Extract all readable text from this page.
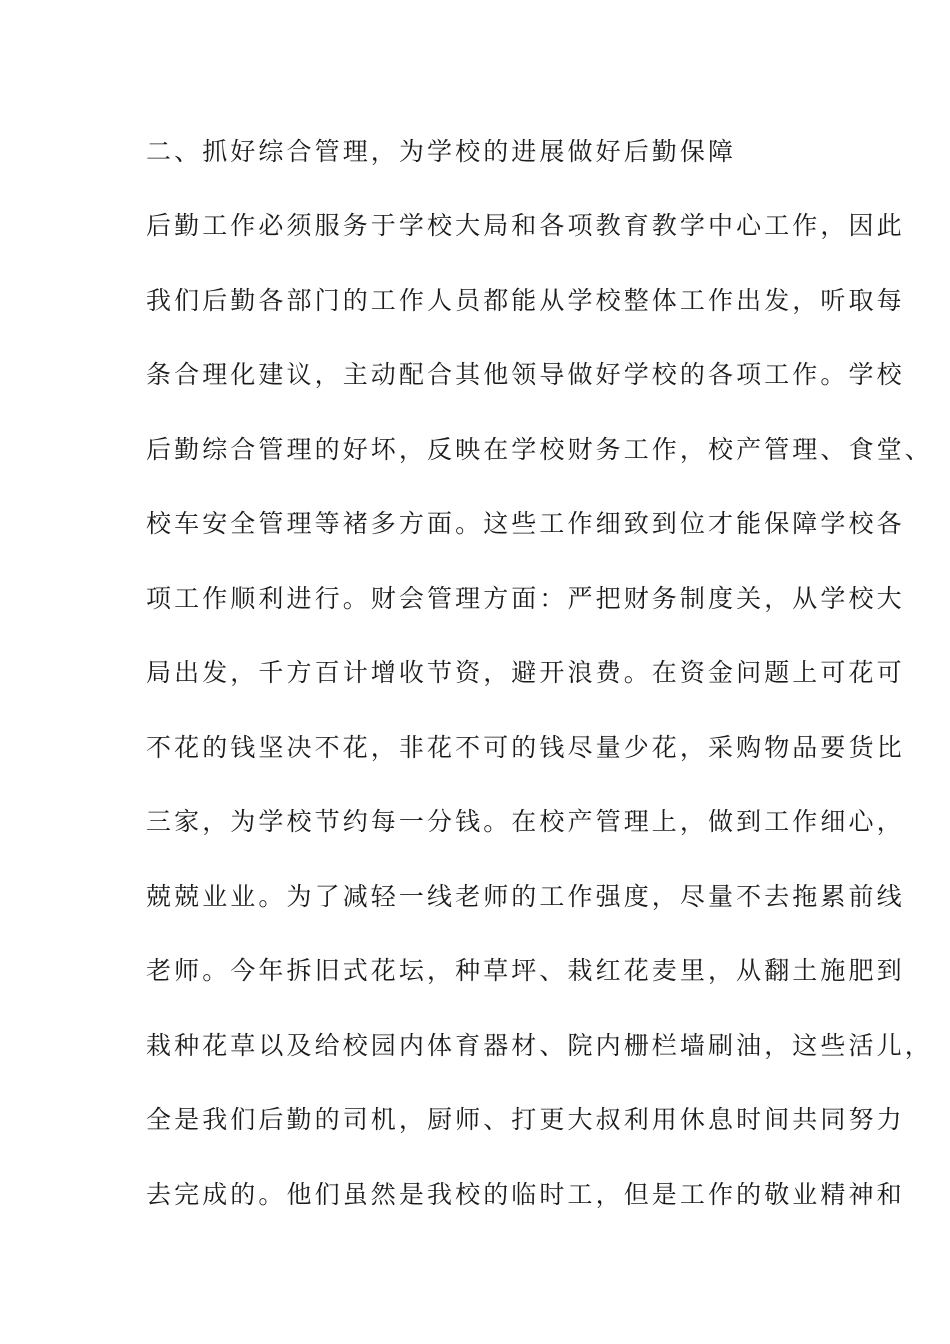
二、抓好综合管理，为学校的进展做好后勤保障

后勤工作必须服务于学校大局和各项教育教学中心工作，因此

我们后勤各部门的工作人员都能从学校整体工作出发，听取每

条合理化建议，主动配合其他领导做好学校的各项工作。学校

后勤综合管理的好坏，反映在学校财务工作，校产管理、食堂、

校车安全管理等褚多方面。这些工作细致到位才能保障学校各

项工作顺利进行。财会管理方面：严把财务制度关，从学校大

局出发，千方百计增收节资，避开浪费。在资金问题上可花可

不花的钱坚决不花，非花不可的钱尽量少花，采购物品要货比

三家，为学校节约每一分钱。在校产管理上，做到工作细心，

兢兢业业。为了减轻一线老师的工作强度，尽量不去拖累前线

老师。今年拆旧式花坛，种草坪、栽红花麦里，从翻土施肥到

栽种花草以及给校园内体育器材、院内栅栏墙刷油，这些活儿，

全是我们后勤的司机，厨师、打更大叔利用休息时间共同努力

去完成的。他们虽然是我校的临时工，但是工作的敬业精神和
